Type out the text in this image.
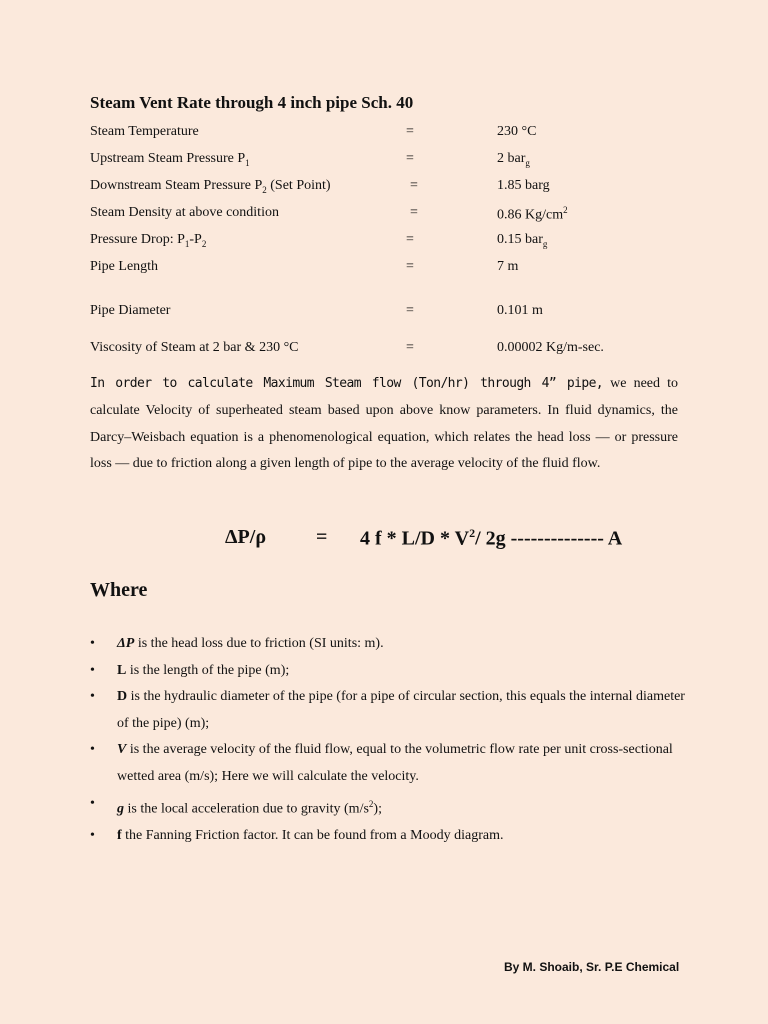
Steam Vent Rate through 4 inch pipe Sch. 40
Steam Temperature	=	230 °C
Upstream Steam Pressure $P_1$	=	2 bar$_g$
Downstream Steam Pressure $P_2$ (Set Point)	=	1.85 barg
Steam Density at above condition	=	0.86 $Kg/cm^2$
Pressure Drop: $P_1-P_2$	=	0.15 bar$_g$
Pipe Length	=	7 m
Pipe Diameter	=	0.101 m
Viscosity of Steam at 2 bar & 230 °C	=	0.00002 Kg/m-sec.

In order to calculate Maximum Steam flow (Ton/hr) through 4” pipe, we need to calculate Velocity of superheated steam based upon above know parameters. In fluid dynamics, the Darcy–Weisbach equation is a phenomenological equation, which relates the head loss — or pressure loss — due to friction along a given length of pipe to the average velocity of the fluid flow.

ΔP/ρ = 4 f * $L/D * V^2/$ 2g -------------- A
Where
• ΔP is the head loss due to friction (SI units: m).
• L is the length of the pipe (m);
• D is the hydraulic diameter of the pipe (for a pipe of circular section, this equals the internal diameter of the pipe) (m);
• V is the average velocity of the fluid flow, equal to the volumetric flow rate per unit cross-sectional wetted area (m/s); Here we will calculate the velocity.
• g is the local acceleration due to gravity $(m/s^2)$;
• f the Fanning Friction factor. It can be found from a Moody diagram.
By M. Shoaib, Sr. P.E Chemical
